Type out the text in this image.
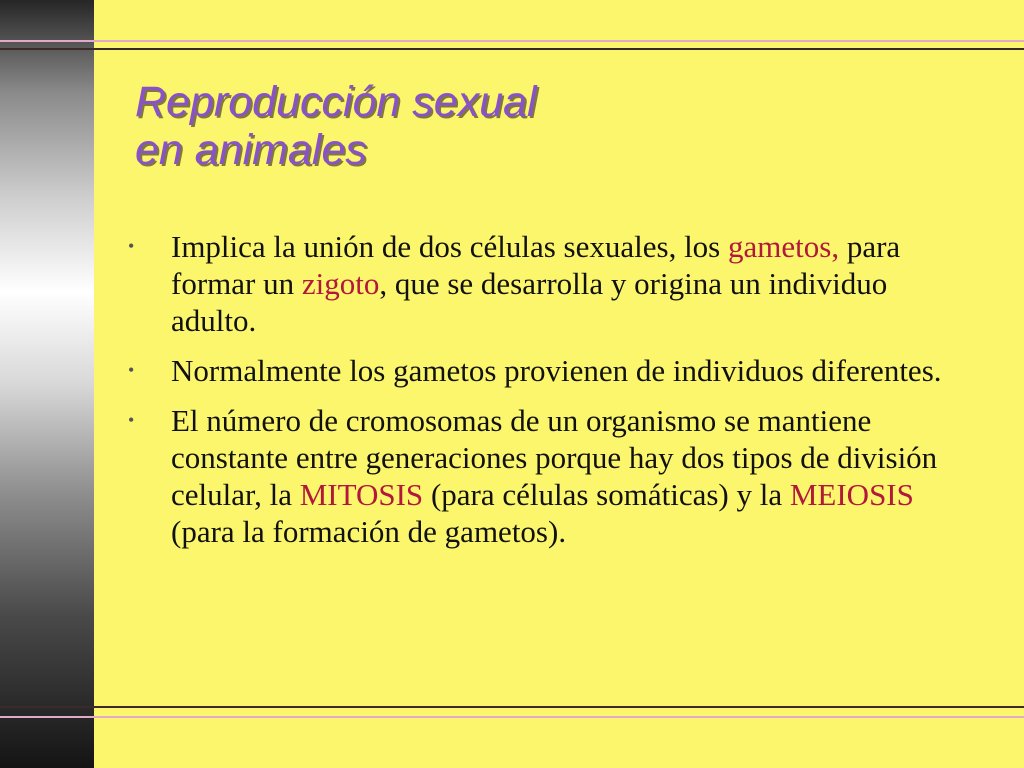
Reproducción sexual
en animales
• Implica la unión de dos células sexuales, los gametos, para formar un zigoto, que se desarrolla y origina un individuo adulto.
• Normalmente los gametos provienen de individuos diferentes.
• El número de cromosomas de un organismo se mantiene constante entre generaciones porque hay dos tipos de división celular, la MITOSIS (para células somáticas) y la MEIOSIS (para la formación de gametos).
